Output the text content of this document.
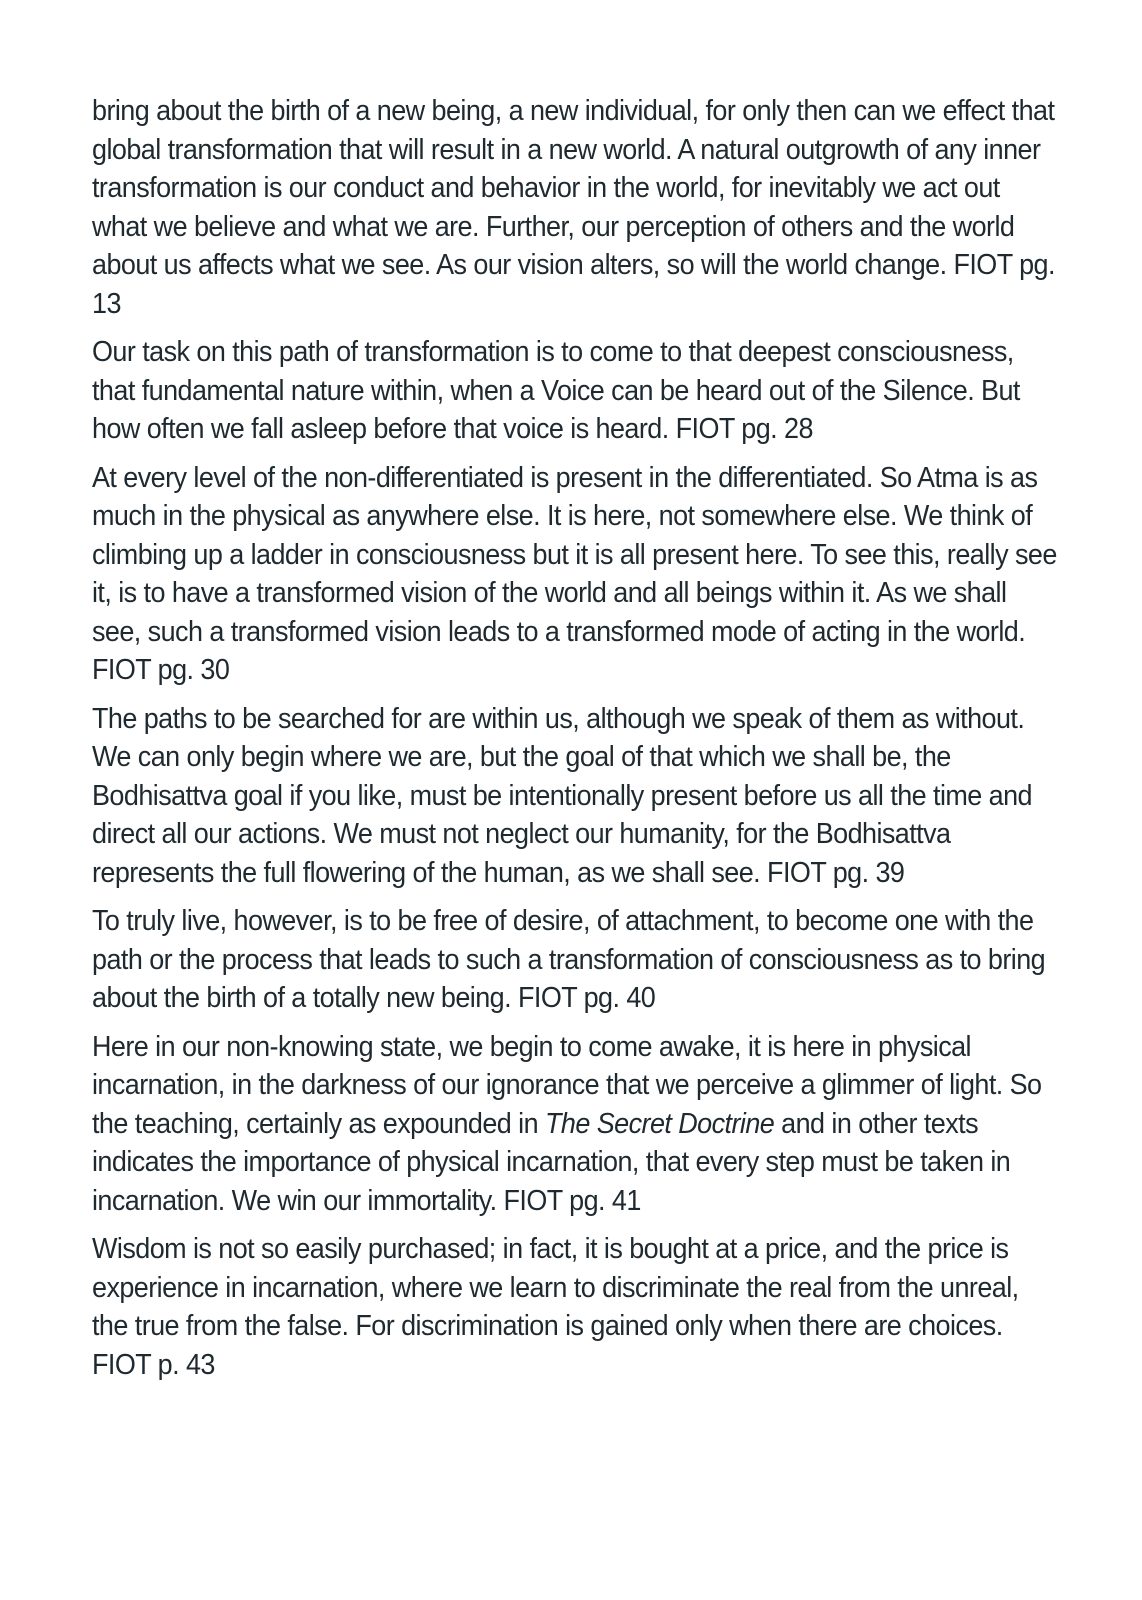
bring about the birth of a new being, a new individual, for only then can we effect that global transformation that will result in a new world. A natural outgrowth of any inner transformation is our conduct and behavior in the world, for inevitably we act out what we believe and what we are. Further, our perception of others and the world about us affects what we see. As our vision alters, so will the world change. FIOT pg. 13

Our task on this path of transformation is to come to that deepest consciousness, that fundamental nature within, when a Voice can be heard out of the Silence. But how often we fall asleep before that voice is heard. FIOT pg. 28

At every level of the non-differentiated is present in the differentiated. So Atma is as much in the physical as anywhere else. It is here, not somewhere else. We think of climbing up a ladder in consciousness but it is all present here. To see this, really see it, is to have a transformed vision of the world and all beings within it. As we shall see, such a transformed vision leads to a transformed mode of acting in the world. FIOT pg. 30

The paths to be searched for are within us, although we speak of them as without. We can only begin where we are, but the goal of that which we shall be, the Bodhisattva goal if you like, must be intentionally present before us all the time and direct all our actions. We must not neglect our humanity, for the Bodhisattva represents the full flowering of the human, as we shall see. FIOT pg. 39

To truly live, however, is to be free of desire, of attachment, to become one with the path or the process that leads to such a transformation of consciousness as to bring about the birth of a totally new being. FIOT pg. 40

Here in our non-knowing state, we begin to come awake, it is here in physical incarnation, in the darkness of our ignorance that we perceive a glimmer of light. So the teaching, certainly as expounded in The Secret Doctrine and in other texts indicates the importance of physical incarnation, that every step must be taken in incarnation. We win our immortality. FIOT pg. 41

Wisdom is not so easily purchased; in fact, it is bought at a price, and the price is experience in incarnation, where we learn to discriminate the real from the unreal, the true from the false. For discrimination is gained only when there are choices. FIOT p. 43
